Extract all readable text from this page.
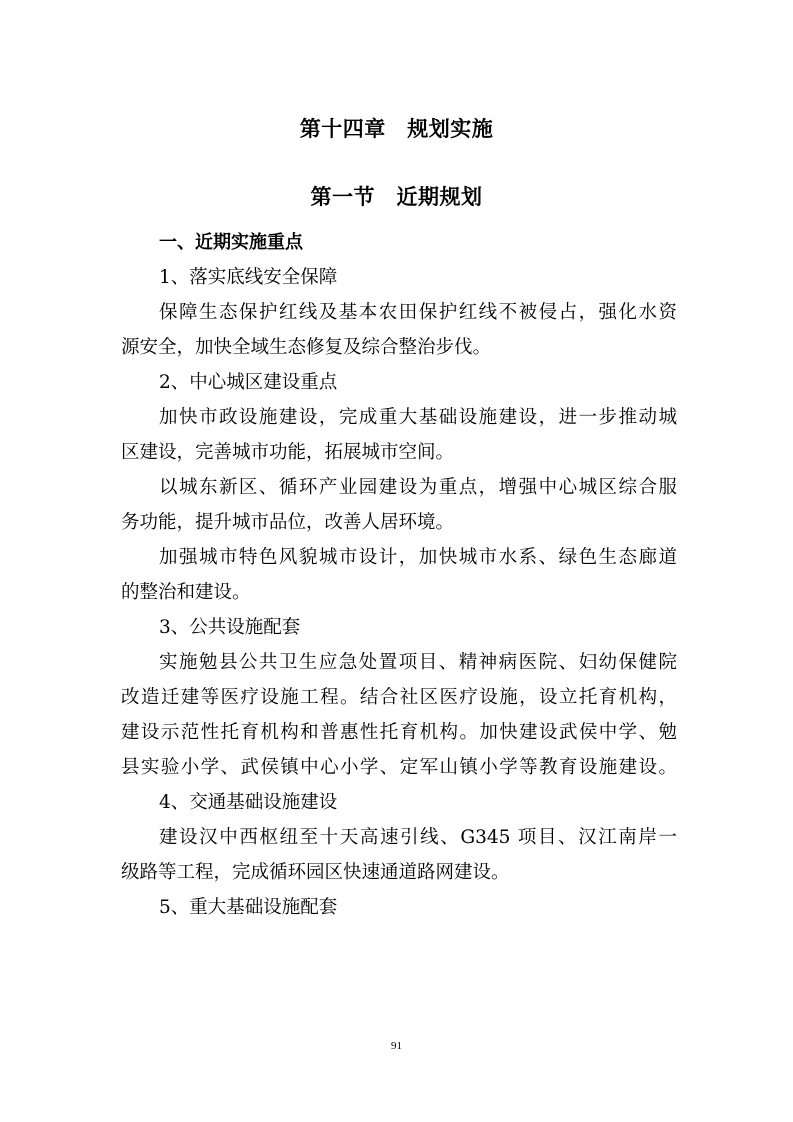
第十四章　规划实施
第一节　近期规划
一、近期实施重点
1、落实底线安全保障
保障生态保护红线及基本农田保护红线不被侵占，强化水资
源安全，加快全域生态修复及综合整治步伐。
2、中心城区建设重点
加快市政设施建设，完成重大基础设施建设，进一步推动城
区建设，完善城市功能，拓展城市空间。
以城东新区、循环产业园建设为重点，增强中心城区综合服
务功能，提升城市品位，改善人居环境。
加强城市特色风貌城市设计，加快城市水系、绿色生态廊道
的整治和建设。
3、公共设施配套
实施勉县公共卫生应急处置项目、精神病医院、妇幼保健院
改造迁建等医疗设施工程。结合社区医疗设施，设立托育机构，
建设示范性托育机构和普惠性托育机构。加快建设武侯中学、勉
县实验小学、武侯镇中心小学、定军山镇小学等教育设施建设。
4、交通基础设施建设
建设汉中西枢纽至十天高速引线、G345 项目、汉江南岸一
级路等工程，完成循环园区快速通道路网建设。
5、重大基础设施配套
91
